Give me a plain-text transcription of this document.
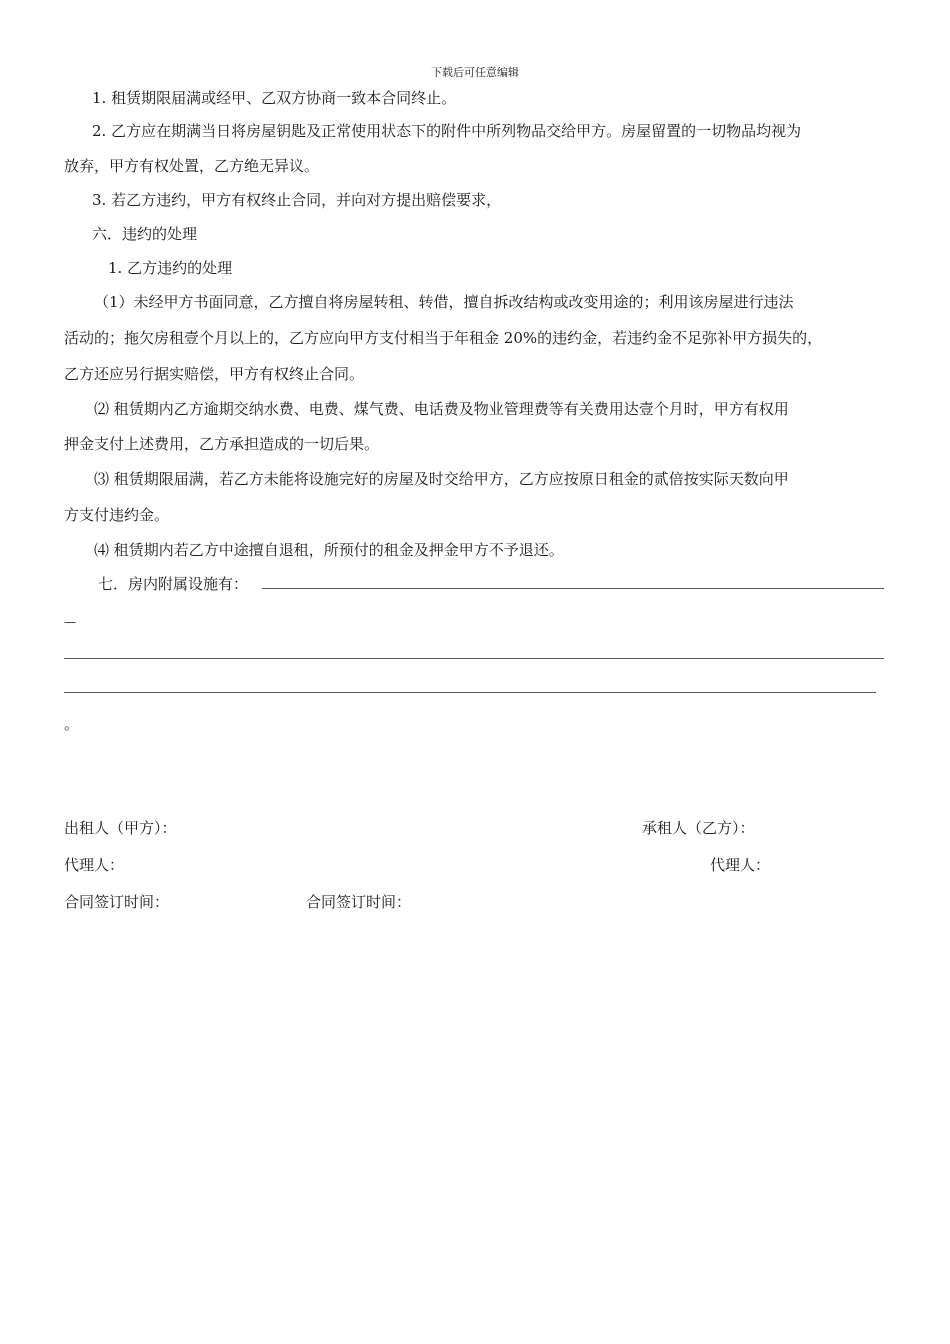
下载后可任意编辑
1. 租赁期限届满或经甲、乙双方协商一致本合同终止。
2. 乙方应在期满当日将房屋钥匙及正常使用状态下的附件中所列物品交给甲方。房屋留置的一切物品均视为
放弃，甲方有权处置，乙方绝无异议。
3. 若乙方违约，甲方有权终止合同，并向对方提出赔偿要求，
六．违约的处理
1. 乙方违约的处理
（1）未经甲方书面同意，乙方擅自将房屋转租、转借，擅自拆改结构或改变用途的；利用该房屋进行违法
活动的；拖欠房租壹个月以上的，乙方应向甲方支付相当于年租金 20%的违约金，若违约金不足弥补甲方损失的，
乙方还应另行据实赔偿，甲方有权终止合同。
⑵ 租赁期内乙方逾期交纳水费、电费、煤气费、电话费及物业管理费等有关费用达壹个月时，甲方有权用
押金支付上述费用，乙方承担造成的一切后果。
⑶ 租赁期限届满，若乙方未能将设施完好的房屋及时交给甲方，乙方应按原日租金的贰倍按实际天数向甲
方支付违约金。
⑷ 租赁期内若乙方中途擅自退租，所预付的租金及押金甲方不予退还。
七．房内附属设施有：
—
。
出租人（甲方）：	承租人（乙方）：
代理人：	代理人：
合同签订时间：	合同签订时间：
